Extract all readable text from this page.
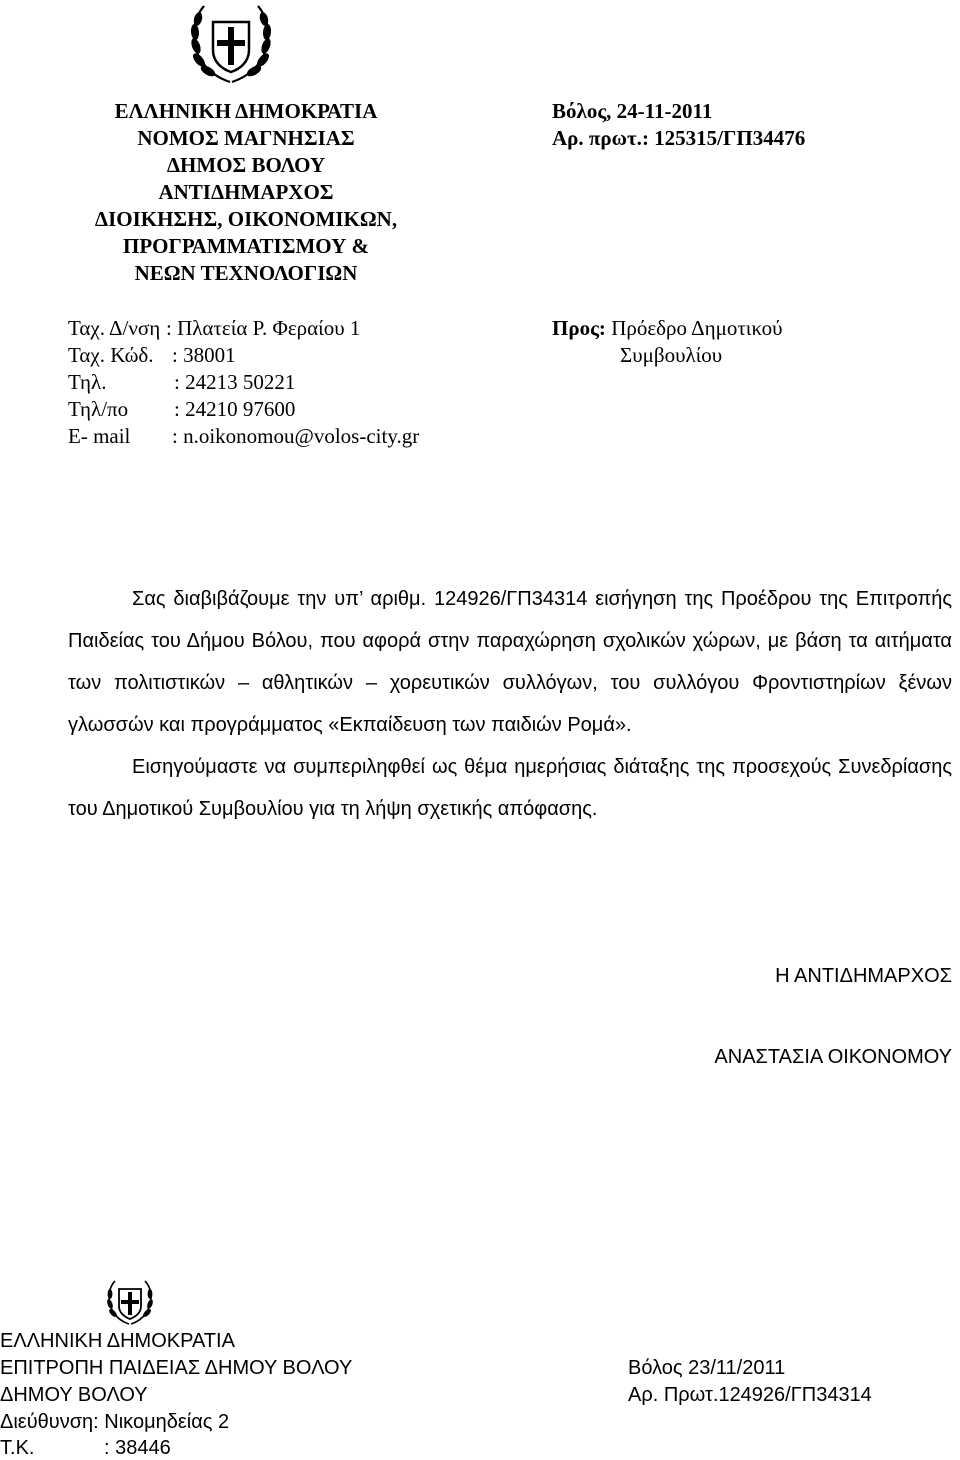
ΕΛΛΗΝΙΚΗ ΔΗΜΟΚΡΑΤΙΑ
ΝΟΜΟΣ ΜΑΓΝΗΣΙΑΣ
ΔΗΜΟΣ ΒΟΛΟΥ
ΑΝΤΙΔΗΜΑΡΧΟΣ
ΔΙΟΙΚΗΣΗΣ, ΟΙΚΟΝΟΜΙΚΩΝ,
ΠΡΟΓΡΑΜΜΑΤΙΣΜΟΥ &
ΝΕΩΝ ΤΕΧΝΟΛΟΓΙΩΝ
Βόλος, 24-11-2011
Αρ. πρωτ.: 125315/ΓΠ34476
Ταχ. Δ/νση : Πλατεία Ρ. Φεραίου 1
Ταχ. Κώδ. : 38001
Τηλ.	: 24213 50221
Τηλ/πο : 24210 97600
E- mail : n.oikonomou@volos-city.gr
Προς: Πρόεδρο Δημοτικού
Συμβουλίου

Σας διαβιβάζουμε την υπ’ αριθμ. 124926/ΓΠ34314 εισήγηση της Προέδρου της Επιτροπής Παιδείας του Δήμου Βόλου, που αφορά στην παραχώρηση σχολικών χώρων, με βάση τα αιτήματα των πολιτιστικών – αθλητικών – χορευτικών συλλόγων, του συλλόγου Φροντιστηρίων ξένων γλωσσών και προγράμματος «Εκπαίδευση των παιδιών Ρομά».

Εισηγούμαστε να συμπεριληφθεί ως θέμα ημερήσιας διάταξης της προσεχούς Συνεδρίασης του Δημοτικού Συμβουλίου για τη λήψη σχετικής απόφασης.

Η ΑΝΤΙΔΗΜΑΡΧΟΣ
ΑΝΑΣΤΑΣΙΑ ΟΙΚΟΝΟΜΟΥ
ΕΛΛΗΝΙΚΗ ΔΗΜΟΚΡΑΤΙΑ
ΕΠΙΤΡΟΠΗ ΠΑΙΔΕΙΑΣ ΔΗΜΟΥ ΒΟΛΟΥ	Βόλος 23/11/2011
ΔΗΜΟΥ ΒΟΛΟΥ	Αρ. Πρωτ.124926/ΓΠ34314
Διεύθυνση: Νικομηδείας 2
Τ.Κ.	: 38446
